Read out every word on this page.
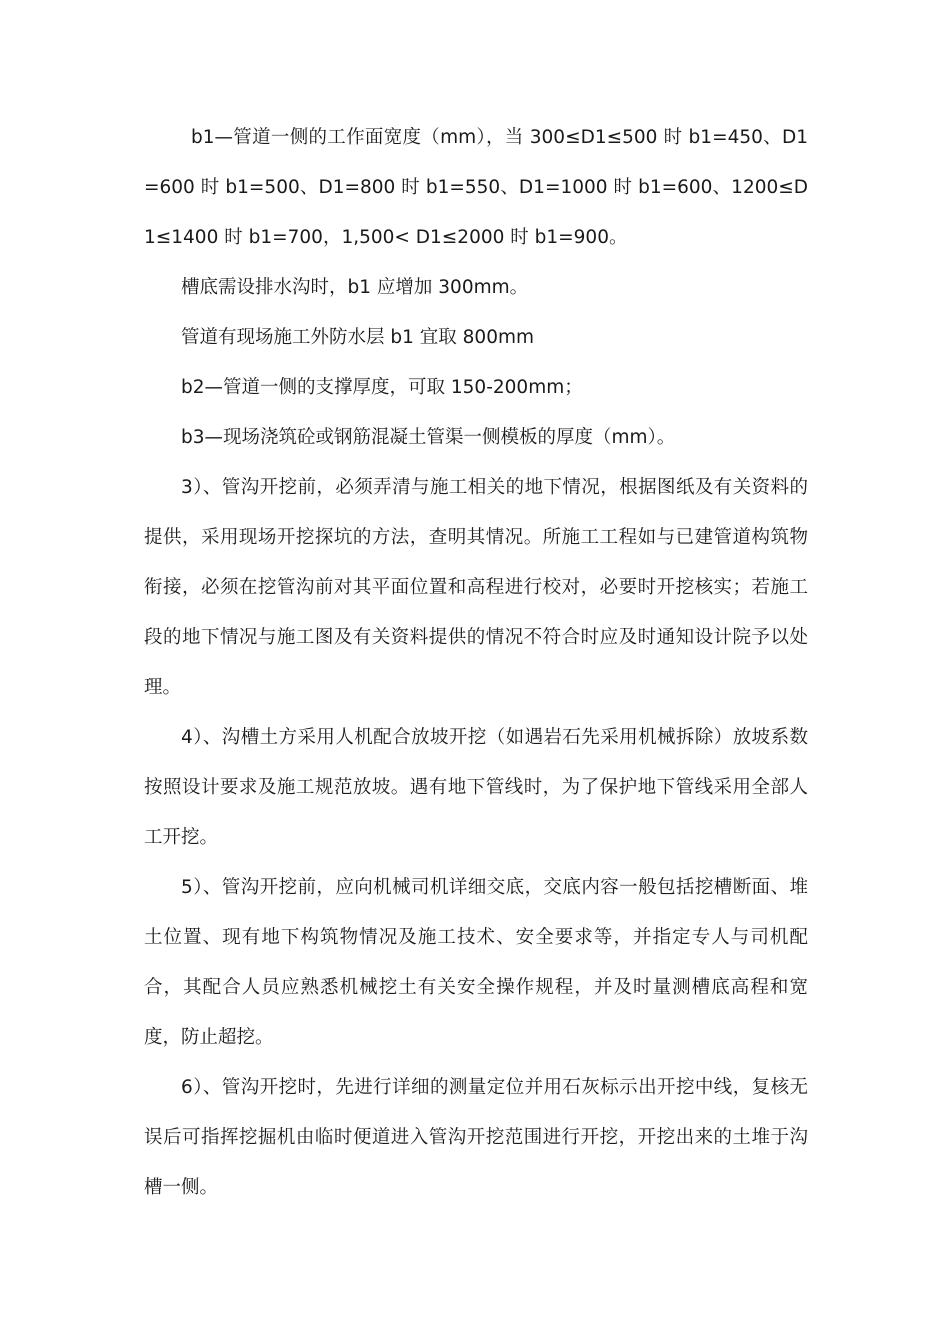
b1—管道一侧的工作面宽度（mm），当 300≤D1≤500 时 b1=450、D1=600 时 b1=500、D1=800 时 b1=550、D1=1000 时 b1=600、1200≤D1≤1400 时 b1=700，1,500< D1≤2000 时 b1=900。

槽底需设排水沟时，b1 应增加 300mm。

管道有现场施工外防水层 b1 宜取 800mm

b2—管道一侧的支撑厚度，可取 150-200mm；

b3—现场浇筑砼或钢筋混凝土管渠一侧模板的厚度（mm）。

3）、管沟开挖前，必须弄清与施工相关的地下情况，根据图纸及有关资料的提供，采用现场开挖探坑的方法，查明其情况。所施工工程如与已建管道构筑物衔接，必须在挖管沟前对其平面位置和高程进行校对，必要时开挖核实；若施工段的地下情况与施工图及有关资料提供的情况不符合时应及时通知设计院予以处理。

4）、沟槽土方采用人机配合放坡开挖（如遇岩石先采用机械拆除）放坡系数按照设计要求及施工规范放坡。遇有地下管线时，为了保护地下管线采用全部人工开挖。

5）、管沟开挖前，应向机械司机详细交底，交底内容一般包括挖槽断面、堆土位置、现有地下构筑物情况及施工技术、安全要求等，并指定专人与司机配合，其配合人员应熟悉机械挖土有关安全操作规程，并及时量测槽底高程和宽度，防止超挖。

6）、管沟开挖时，先进行详细的测量定位并用石灰标示出开挖中线，复核无误后可指挥挖掘机由临时便道进入管沟开挖范围进行开挖，开挖出来的土堆于沟槽一侧。
